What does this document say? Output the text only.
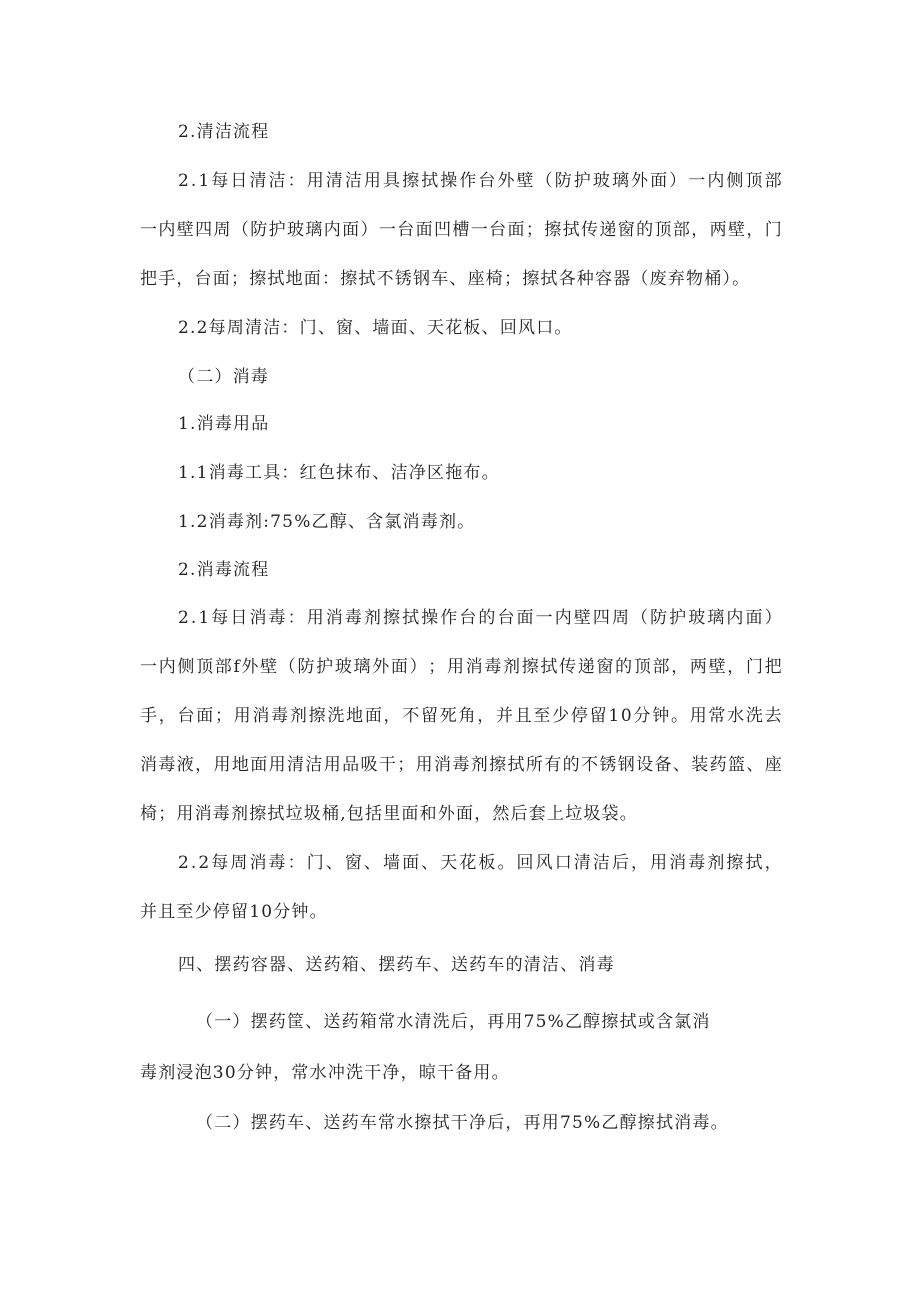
2.清洁流程
2 . 1 每 日 清 洁 ： 用 清 洁 用 具 擦 拭 操 作 台 外 壁 （ 防 护 玻 璃 外 面 ） 一 内 侧 顶 部
一 内 壁 四 周 （ 防 护 玻 璃 内 面 ） 一 台 面 凹 槽 一 台 面 ； 擦 拭 传 递 窗 的 顶 部 ， 两 壁 ， 门
把手，台面；擦拭地面：擦拭不锈钢车、座椅；擦拭各种容器（废弃物桶）。
2.2每周清洁：门、窗、墙面、天花板、回风口。
（二）消毒
1.消毒用品
1.1消毒工具：红色抹布、洁净区拖布。
1.2消毒剂:75%乙醇、含氯消毒剂。
2.消毒流程
2 . 1 每 日 消 毒 ： 用 消 毒 剂 擦 拭 操 作 台 的 台 面 一 内 壁 四 周 （ 防 护 玻 璃 内 面 ）
一 内 侧 顶 部 f 外 壁 （ 防 护 玻 璃 外 面 ） ； 用 消 毒 剂 擦 拭 传 递 窗 的 顶 部 ， 两 壁 ， 门 把
手 ， 台 面 ； 用 消 毒 剂 擦 洗 地 面 ， 不 留 死 角 ， 并 且 至 少 停 留 1 0 分 钟 。 用 常 水 洗 去
消 毒 液 ， 用 地 面 用 清 洁 用 品 吸 干 ； 用 消 毒 剂 擦 拭 所 有 的 不 锈 钢 设 备 、 装 药 篮 、 座
椅；用消毒剂擦拭垃圾桶,包括里面和外面，然后套上垃圾袋。
2 . 2 每 周 消 毒 ： 门 、 窗 、 墙 面 、 天 花 板 。 回 风 口 清 洁 后 ， 用 消 毒 剂 擦 拭 ，
并且至少停留10分钟。
四、摆药容器、送药箱、摆药车、送药车的清洁、消毒
（一）摆药筐、送药箱常水清洗后，再用75%乙醇擦拭或含氯消
毒剂浸泡30分钟，常水冲洗干净，晾干备用。
（二）摆药车、送药车常水擦拭干净后，再用75%乙醇擦拭消毒。
